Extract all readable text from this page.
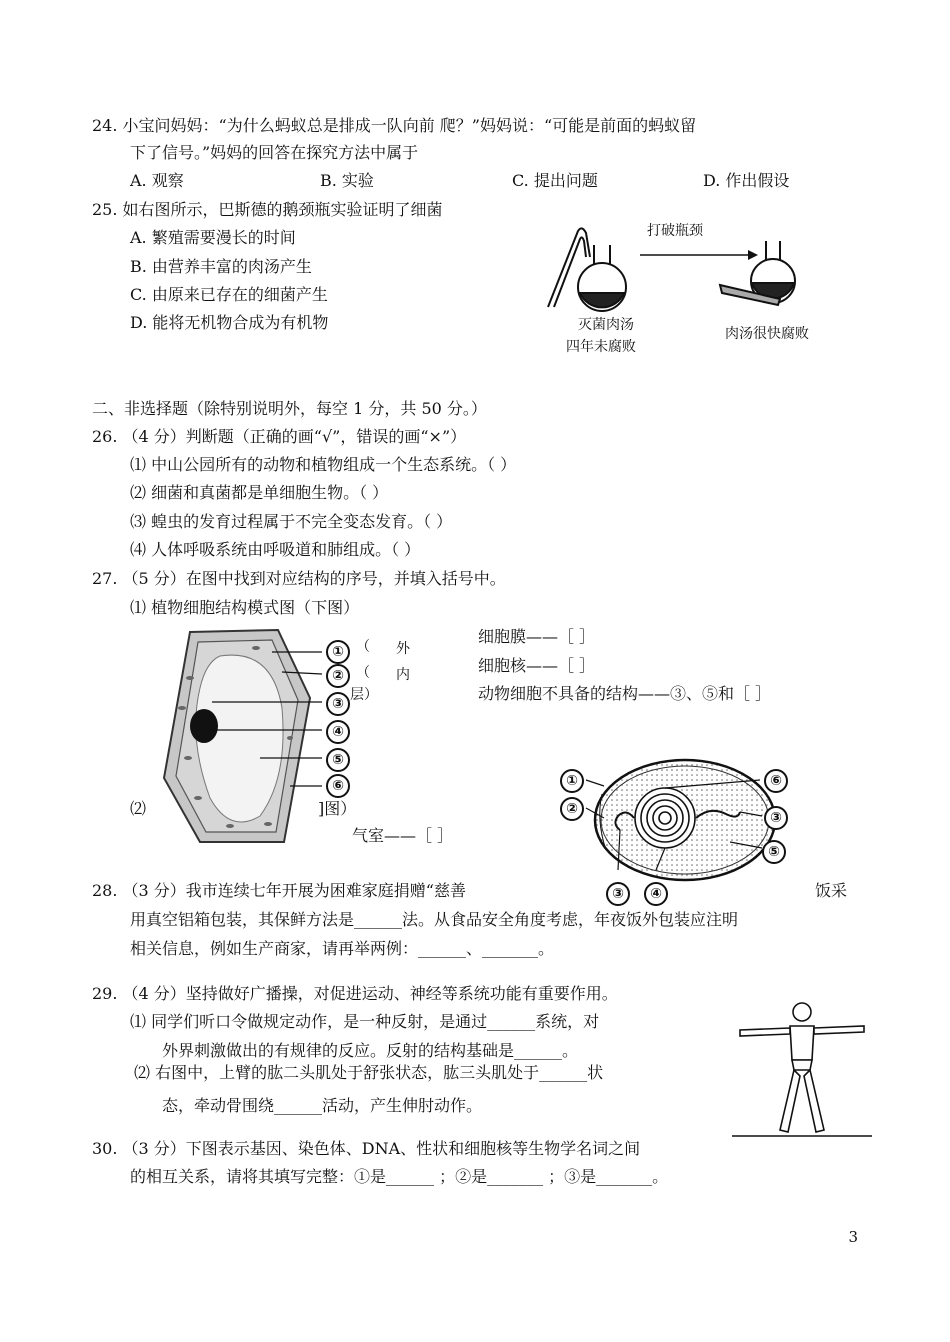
24. 小宝问妈妈：“为什么蚂蚁总是排成一队向前 爬？”妈妈说：“可能是前面的蚂蚁留
下了信号。”妈妈的回答在探究方法中属于
A. 观察	B. 实验	C. 提出问题	D. 作出假设
25. 如右图所示，巴斯德的鹅颈瓶实验证明了细菌
A. 繁殖需要漫长的时间
B. 由营养丰富的肉汤产生
C. 由原来已存在的细菌产生
D. 能将无机物合成为有机物
打破瓶颈
灭菌肉汤
四年未腐败
肉汤很快腐败
二、非选择题（除特别说明外，每空 1 分，共 50 分。）
26. （4 分）判断题（正确的画“√”，错误的画“×”）
⑴ 中山公园所有的动物和植物组成一个生态系统。（ ）
⑵ 细菌和真菌都是单细胞生物。（ ）
⑶ 蝗虫的发育过程属于不完全变态发育。（ ）
⑷ 人体呼吸系统由呼吸道和肺组成。（ ）
27. （5 分）在图中找到对应结构的序号，并填入括号中。
⑴ 植物细胞结构模式图（下图）
①
②
③
④
⑤
⑥
（ 外
（ 内
层）
细胞膜——［ ］
细胞核——［ ］
动物细胞不具备的结构——③、⑤和［ ］
⑵	]图）
气室——［ ］
①
②
③	④
⑤
⑥
③
28. （3 分）我市连续七年开展为困难家庭捐赠“慈善	饭采
用真空铝箱包装，其保鲜方法是______法。从食品安全角度考虑，年夜饭外包装应注明
相关信息，例如生产商家，请再举两例：______、_______。
29. （4 分）坚持做好广播操，对促进运动、神经等系统功能有重要作用。
⑴ 同学们听口令做规定动作，是一种反射，是通过______系统，对
外界刺激做出的有规律的反应。反射的结构基础是______。
⑵ 右图中，上臂的肱二头肌处于舒张状态，肱三头肌处于______状
态，牵动骨围绕______活动，产生伸肘动作。
30. （3 分）下图表示基因、染色体、DNA、性状和细胞核等生物学名词之间
的相互关系，请将其填写完整：①是______ ；②是_______ ；③是_______。
3
